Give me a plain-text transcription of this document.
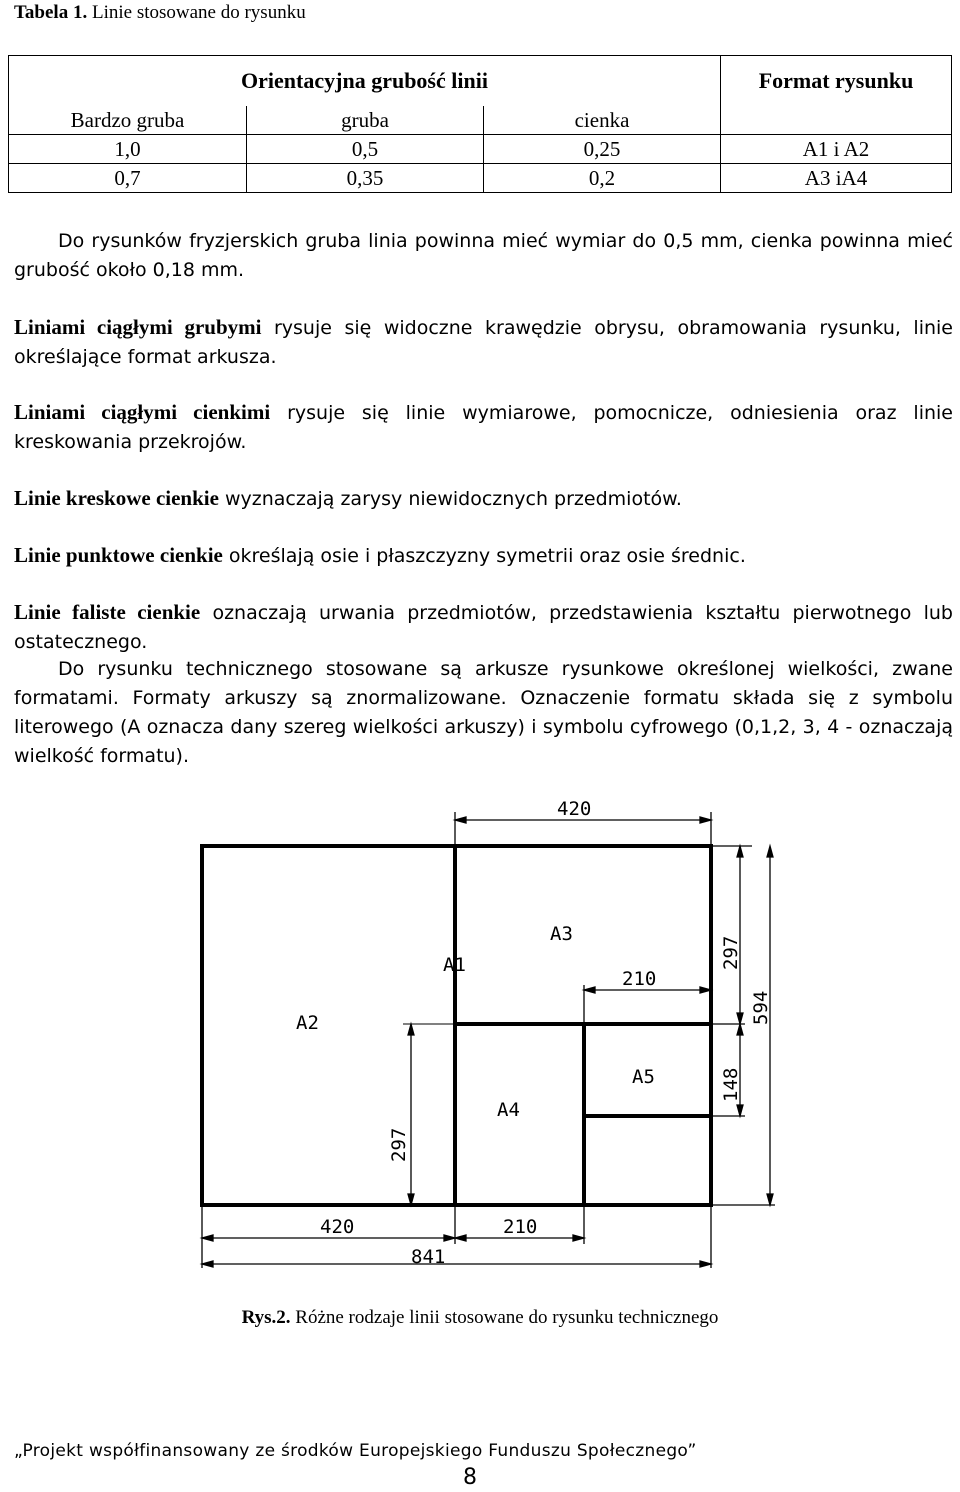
Tabela 1. Linie stosowane do rysunku
Orientacyjna grubość linii			Format rysunku
Bardzo gruba	gruba	cienka	
1,0	0,5	0,25	A1 i A2
0,7	0,35	0,2	A3 iA4
Do rysunków fryzjerskich gruba linia powinna mieć wymiar do 0,5 mm, cienka powinna mieć grubość około 0,18 mm.
Liniami ciągłymi grubymi rysuje się widoczne krawędzie obrysu, obramowania rysunku, linie określające format arkusza.
Liniami ciągłymi cienkimi rysuje się linie wymiarowe, pomocnicze, odniesienia oraz linie kreskowania przekrojów.
Linie kreskowe cienkie wyznaczają zarysy niewidocznych przedmiotów.
Linie punktowe cienkie określają osie i płaszczyzny symetrii oraz osie średnic.
Linie faliste cienkie oznaczają urwania przedmiotów, przedstawienia kształtu pierwotnego lub ostatecznego.
Do rysunku technicznego stosowane są arkusze rysunkowe określonej wielkości, zwane formatami. Formaty arkuszy są znormalizowane. Oznaczenie formatu składa się z symbolu literowego (A oznacza dany szereg wielkości arkuszy) i symbolu cyfrowego (0,1,2, 3, 4 - oznaczają wielkość formatu).
A2
A1
A3
A4
A5
420
210
420	210
841
297
594
148
297
Rys.2. Różne rodzaje linii stosowane do rysunku technicznego
„Projekt współfinansowany ze środków Europejskiego Funduszu Społecznego”
8
